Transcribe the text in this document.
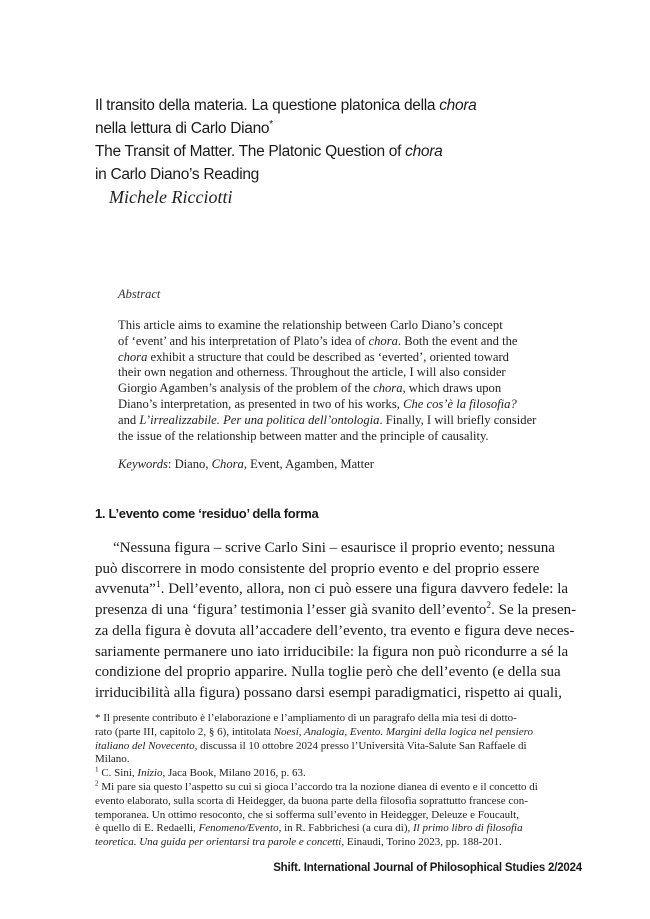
Il transito della materia. La questione platonica della chora
nella lettura di Carlo Diano*
The Transit of Matter. The Platonic Question of chora
in Carlo Diano’s Reading
Michele Ricciotti
Abstract
This article aims to examine the relationship between Carlo Diano’s concept
of ‘event’ and his interpretation of Plato’s idea of chora. Both the event and the
chora exhibit a structure that could be described as ‘everted’, oriented toward
their own negation and otherness. Throughout the article, I will also consider
Giorgio Agamben’s analysis of the problem of the chora, which draws upon
Diano’s interpretation, as presented in two of his works, Che cos’è la filosofia?
and L’irrealizzabile. Per una politica dell’ontologia. Finally, I will briefly consider
the issue of the relationship between matter and the principle of causality.
Keywords: Diano, Chora, Event, Agamben, Matter
1. L’evento come ‘residuo’ della forma
“Nessuna figura – scrive Carlo Sini – esaurisce il proprio evento; nessuna
può discorrere in modo consistente del proprio evento e del proprio essere
avvenuta”$^1$. Dell’evento, allora, non ci può essere una figura davvero fedele: la
presenza di una ‘figura’ testimonia l’esser già svanito dell’evento$^2$. Se la presen-
za della figura è dovuta all’accadere dell’evento, tra evento e figura deve neces-
sariamente permanere uno iato irriducibile: la figura non può ricondurre a sé la
condizione del proprio apparire. Nulla toglie però che dell’evento (e della sua
irriducibilità alla figura) possano darsi esempi paradigmatici, rispetto ai quali,
* Il presente contributo è l’elaborazione e l’ampliamento di un paragrafo della mia tesi di dotto-
rato (parte III, capitolo 2, § 6), intitolata Noesi, Analogia, Evento. Margini della logica nel pensiero
italiano del Novecento, discussa il 10 ottobre 2024 presso l’Università Vita-Salute San Raffaele di
Milano.
$^1$ C. Sini, Inizio, Jaca Book, Milano 2016, p. 63.
$^2$ Mi pare sia questo l’aspetto su cui si gioca l’accordo tra la nozione dianea di evento e il concetto di
evento elaborato, sulla scorta di Heidegger, da buona parte della filosofia soprattutto francese con-
temporanea. Un ottimo resoconto, che si sofferma sull’evento in Heidegger, Deleuze e Foucault,
è quello di E. Redaelli, Fenomeno/Evento, in R. Fabbrichesi (a cura di), Il primo libro di filosofia
teoretica. Una guida per orientarsi tra parole e concetti, Einaudi, Torino 2023, pp. 188-201.
Shift. International Journal of Philosophical Studies 2/2024
